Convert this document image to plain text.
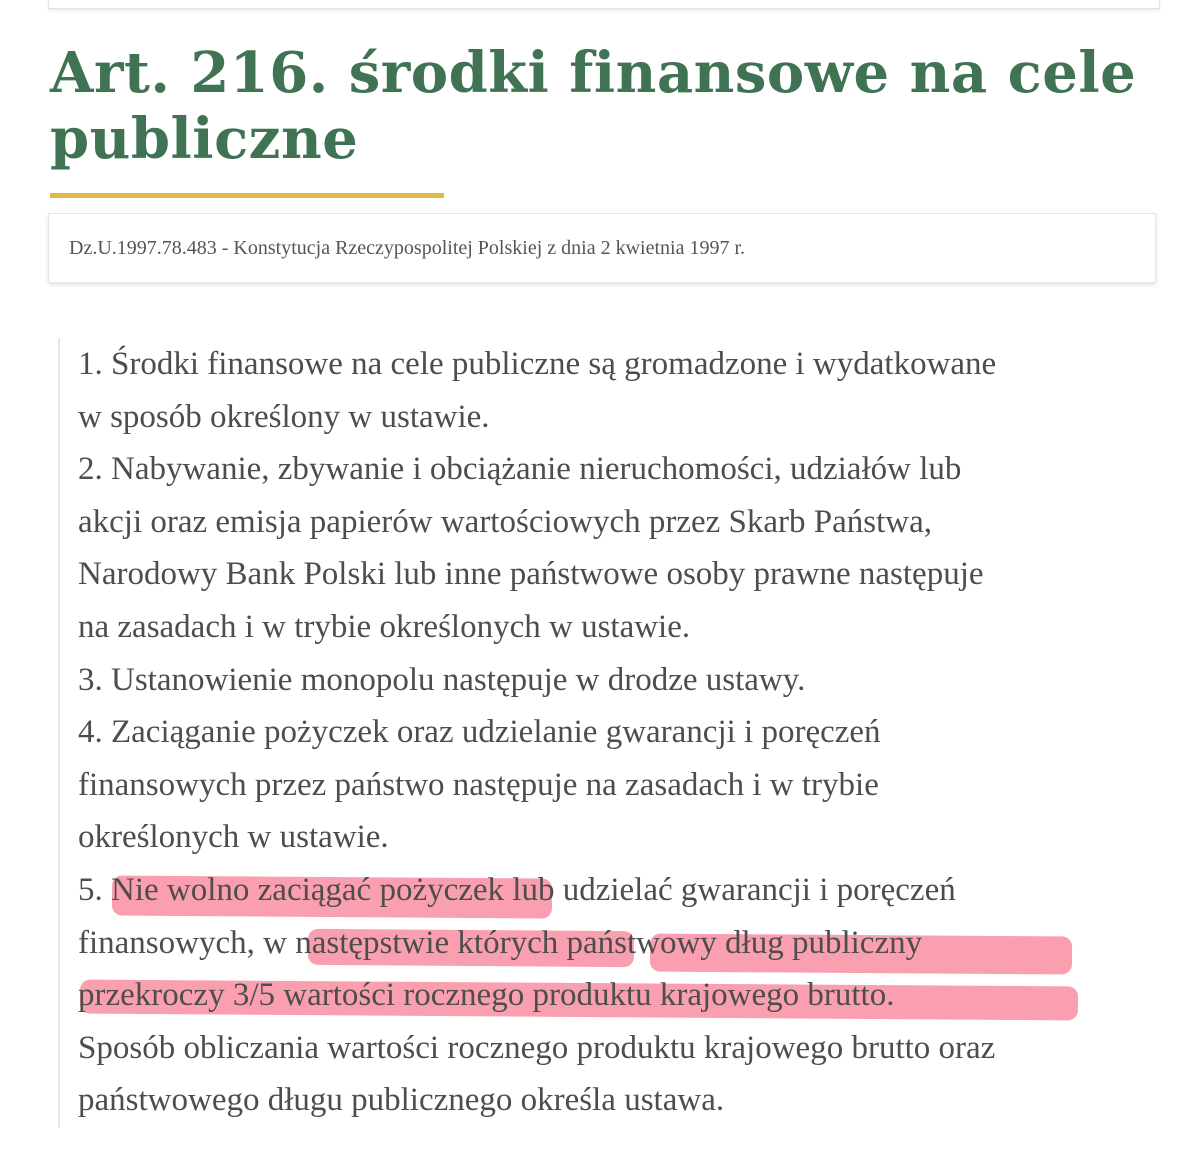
Art. 216. środki finansowe na cele
publiczne
Dz.U.1997.78.483 - Konstytucja Rzeczypospolitej Polskiej z dnia 2 kwietnia 1997 r.

1. Środki finansowe na cele publiczne są gromadzone i wydatkowane

w sposób określony w ustawie.

2. Nabywanie, zbywanie i obciążanie nieruchomości, udziałów lub

akcji oraz emisja papierów wartościowych przez Skarb Państwa,

Narodowy Bank Polski lub inne państwowe osoby prawne następuje

na zasadach i w trybie określonych w ustawie.

3. Ustanowienie monopolu następuje w drodze ustawy.

4. Zaciąganie pożyczek oraz udzielanie gwarancji i poręczeń

finansowych przez państwo następuje na zasadach i w trybie

określonych w ustawie.

5. Nie wolno zaciągać pożyczek lub udzielać gwarancji i poręczeń

finansowych, w następstwie których państwowy dług publiczny

przekroczy 3/5 wartości rocznego produktu krajowego brutto.

Sposób obliczania wartości rocznego produktu krajowego brutto oraz

państwowego długu publicznego określa ustawa.
